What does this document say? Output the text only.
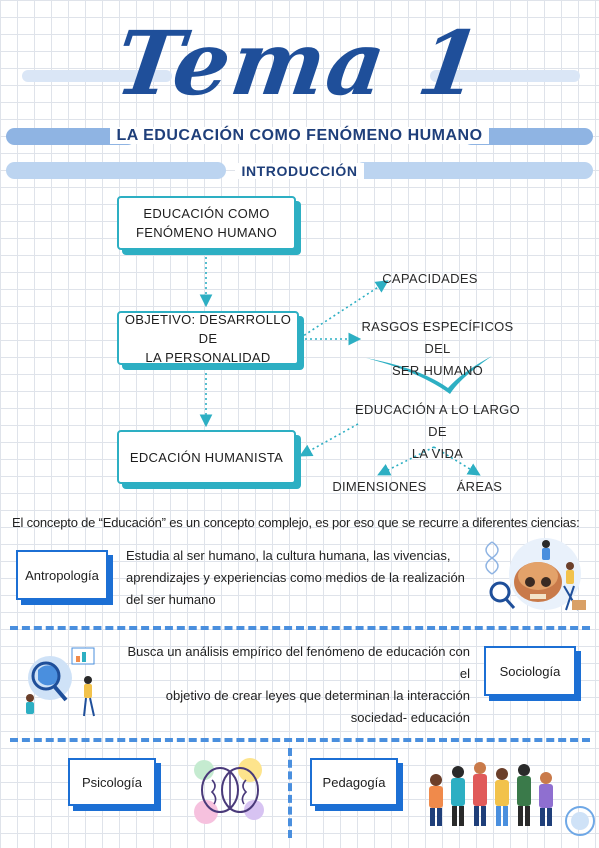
Tema 1
LA EDUCACIÓN COMO FENÓMENO HUMANO
INTRODUCCIÓN
EDUCACIÓN COMO
FENÓMENO HUMANO
OBJETIVO: DESARROLLO DE
LA PERSONALIDAD
EDCACIÓN HUMANISTA
CAPACIDADES
RASGOS ESPECÍFICOS DEL
SER HUMANO
EDUCACIÓN A LO LARGO DE
LA VIDA
DIMENSIONES	ÁREAS
El concepto de “Educación” es un concepto complejo, es por eso que se recurre a diferentes ciencias:
Antropología
Estudia al ser humano, la cultura humana, las vivencias,
aprendizajes y experiencias como medios de la realización
del ser humano
Busca un análisis empírico del fenómeno de educación con el
objetivo de crear leyes que determinan la interacción
sociedad- educación
Sociología
Psicología	Pedagogía
